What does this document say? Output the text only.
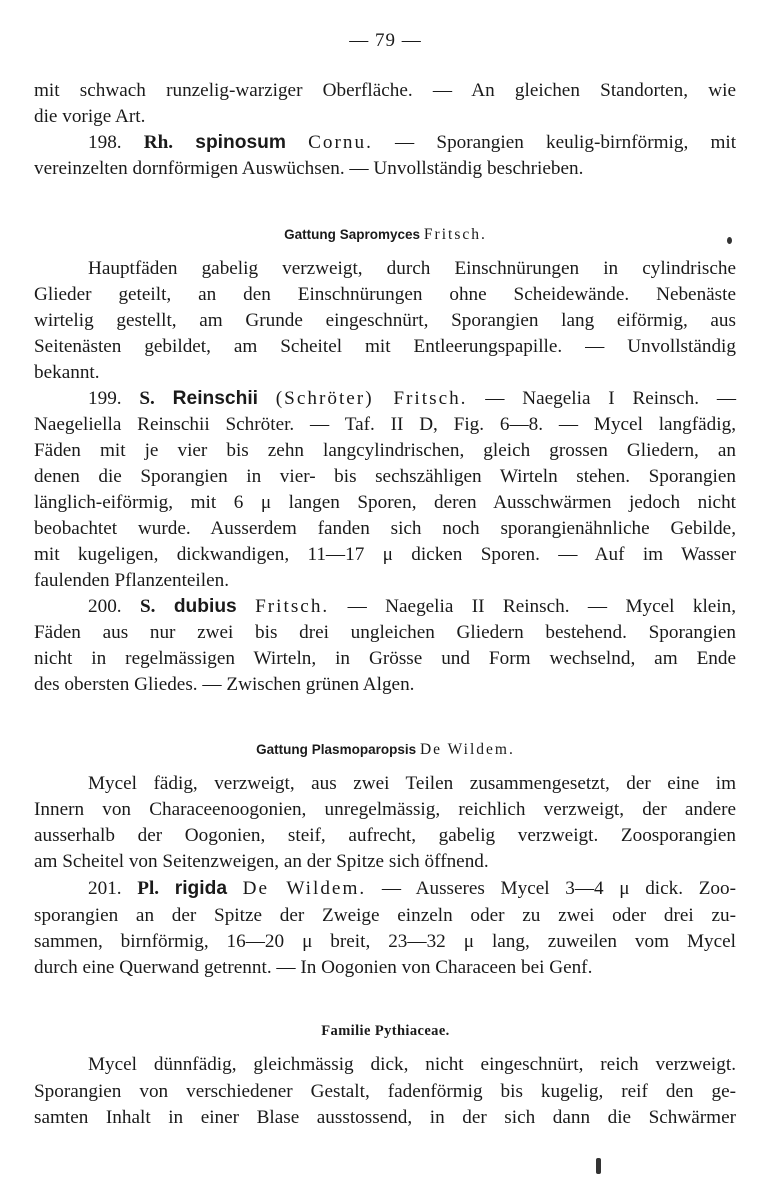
— 79 —
mit schwach runzelig-warziger Oberfläche. — An gleichen Standorten, wie
die vorige Art.
198. Rh. spinosum Cornu. — Sporangien keulig-birnförmig, mit
vereinzelten dornförmigen Auswüchsen. — Unvollständig beschrieben.
Gattung Sapromyces Fritsch.
Hauptfäden gabelig verzweigt, durch Einschnürungen in cylindrische
Glieder geteilt, an den Einschnürungen ohne Scheidewände. Nebenäste
wirtelig gestellt, am Grunde eingeschnürt, Sporangien lang eiförmig, aus
Seitenästen gebildet, am Scheitel mit Entleerungspapille. — Unvollständig
bekannt.
199. S. Reinschii (Schröter) Fritsch. — Naegelia I Reinsch. —
Naegeliella Reinschii Schröter. — Taf. II D, Fig. 6—8. — Mycel langfädig,
Fäden mit je vier bis zehn langcylindrischen, gleich grossen Gliedern, an
denen die Sporangien in vier- bis sechszähligen Wirteln stehen. Sporangien
länglich-eiförmig, mit 6 μ langen Sporen, deren Ausschwärmen jedoch nicht
beobachtet wurde. Ausserdem fanden sich noch sporangienähnliche Gebilde,
mit kugeligen, dickwandigen, 11—17 μ dicken Sporen. — Auf im Wasser
faulenden Pflanzenteilen.
200. S. dubius Fritsch. — Naegelia II Reinsch. — Mycel klein,
Fäden aus nur zwei bis drei ungleichen Gliedern bestehend. Sporangien
nicht in regelmässigen Wirteln, in Grösse und Form wechselnd, am Ende
des obersten Gliedes. — Zwischen grünen Algen.
Gattung Plasmoparopsis De Wildem.
Mycel fädig, verzweigt, aus zwei Teilen zusammengesetzt, der eine im
Innern von Characeenoogonien, unregelmässig, reichlich verzweigt, der andere
ausserhalb der Oogonien, steif, aufrecht, gabelig verzweigt. Zoosporangien
am Scheitel von Seitenzweigen, an der Spitze sich öffnend.
201. Pl. rigida De Wildem. — Ausseres Mycel 3—4 μ dick. Zoo-
sporangien an der Spitze der Zweige einzeln oder zu zwei oder drei zu-
sammen, birnförmig, 16—20 μ breit, 23—32 μ lang, zuweilen vom Mycel
durch eine Querwand getrennt. — In Oogonien von Characeen bei Genf.
Familie Pythiaceae.
Mycel dünnfädig, gleichmässig dick, nicht eingeschnürt, reich verzweigt.
Sporangien von verschiedener Gestalt, fadenförmig bis kugelig, reif den ge-
samten Inhalt in einer Blase ausstossend, in der sich dann die Schwärmer
